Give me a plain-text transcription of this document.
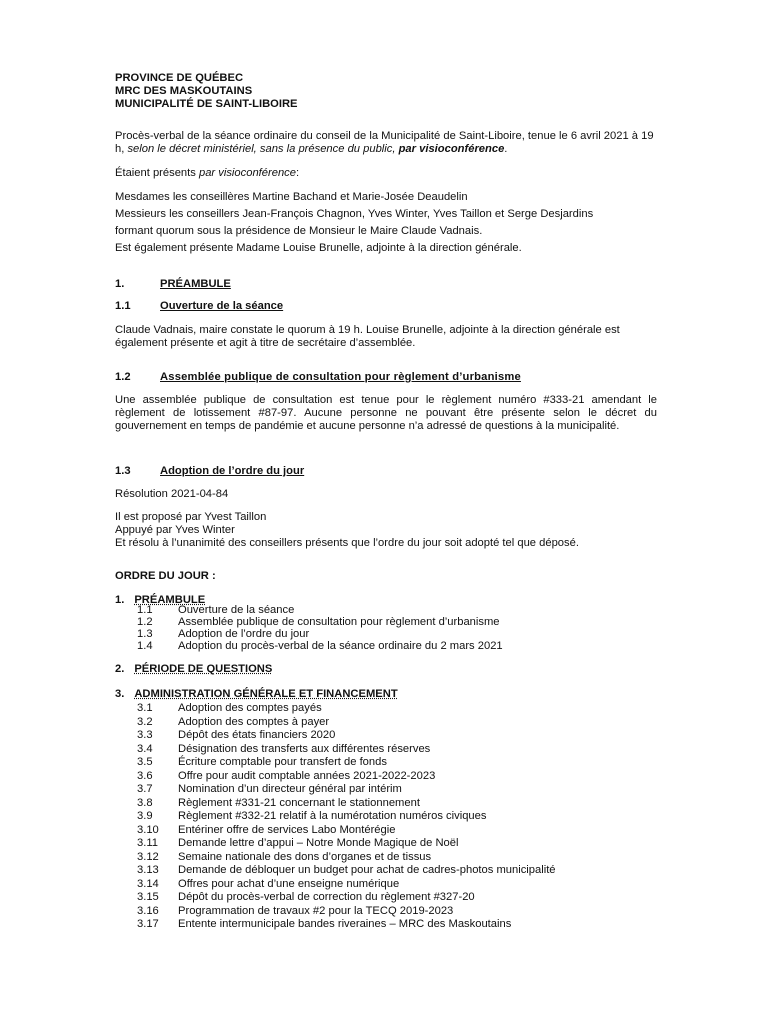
PROVINCE DE QUÉBEC
MRC DES MASKOUTAINS
MUNICIPALITÉ DE SAINT-LIBOIRE
Procès-verbal de la séance ordinaire du conseil de la Municipalité de Saint-Liboire, tenue le 6 avril 2021 à 19 h, selon le décret ministériel, sans la présence du public, par visioconférence.
Étaient présents par visioconférence:
Mesdames les conseillères Martine Bachand et Marie-Josée Deaudelin
Messieurs les conseillers Jean-François Chagnon, Yves Winter, Yves Taillon et Serge Desjardins
formant quorum sous la présidence de Monsieur le Maire Claude Vadnais.
Est également présente Madame Louise Brunelle, adjointe à la direction générale.
1.	PRÉAMBULE
1.1	Ouverture de la séance
Claude Vadnais, maire constate le quorum à 19 h. Louise Brunelle, adjointe à la direction générale est également présente et agit à titre de secrétaire d’assemblée.
1.2	Assemblée publique de consultation pour règlement d’urbanisme
Une assemblée publique de consultation est tenue pour le règlement numéro #333-21 amendant le règlement de lotissement #87-97. Aucune personne ne pouvant être présente selon le décret du gouvernement en temps de pandémie et aucune personne n’a adressé de questions à la municipalité.
1.3	Adoption de l’ordre du jour
Résolution 2021-04-84
Il est proposé par Yvest Taillon
Appuyé par Yves Winter
Et résolu à l’unanimité des conseillers présents que l’ordre du jour soit adopté tel que déposé.
ORDRE DU JOUR :
1. PRÉAMBULE
1.1 Ouverture de la séance
1.2 Assemblée publique de consultation pour règlement d’urbanisme
1.3 Adoption de l’ordre du jour
1.4 Adoption du procès-verbal de la séance ordinaire du 2 mars 2021
2. PÉRIODE DE QUESTIONS
3. ADMINISTRATION GÉNÉRALE ET FINANCEMENT
3.1 Adoption des comptes payés
3.2 Adoption des comptes à payer
3.3 Dépôt des états financiers 2020
3.4 Désignation des transferts aux différentes réserves
3.5 Écriture comptable pour transfert de fonds
3.6 Offre pour audit comptable années 2021-2022-2023
3.7 Nomination d’un directeur général par intérim
3.8 Règlement #331-21 concernant le stationnement
3.9 Règlement #332-21 relatif à la numérotation numéros civiques
3.10 Entériner offre de services Labo Montérégie
3.11 Demande lettre d’appui – Notre Monde Magique de Noël
3.12 Semaine nationale des dons d’organes et de tissus
3.13 Demande de débloquer un budget pour achat de cadres-photos municipalité
3.14 Offres pour achat d’une enseigne numérique
3.15 Dépôt du procès-verbal de correction du règlement #327-20
3.16 Programmation de travaux #2 pour la TECQ 2019-2023
3.17 Entente intermunicipale bandes riveraines – MRC des Maskoutains
